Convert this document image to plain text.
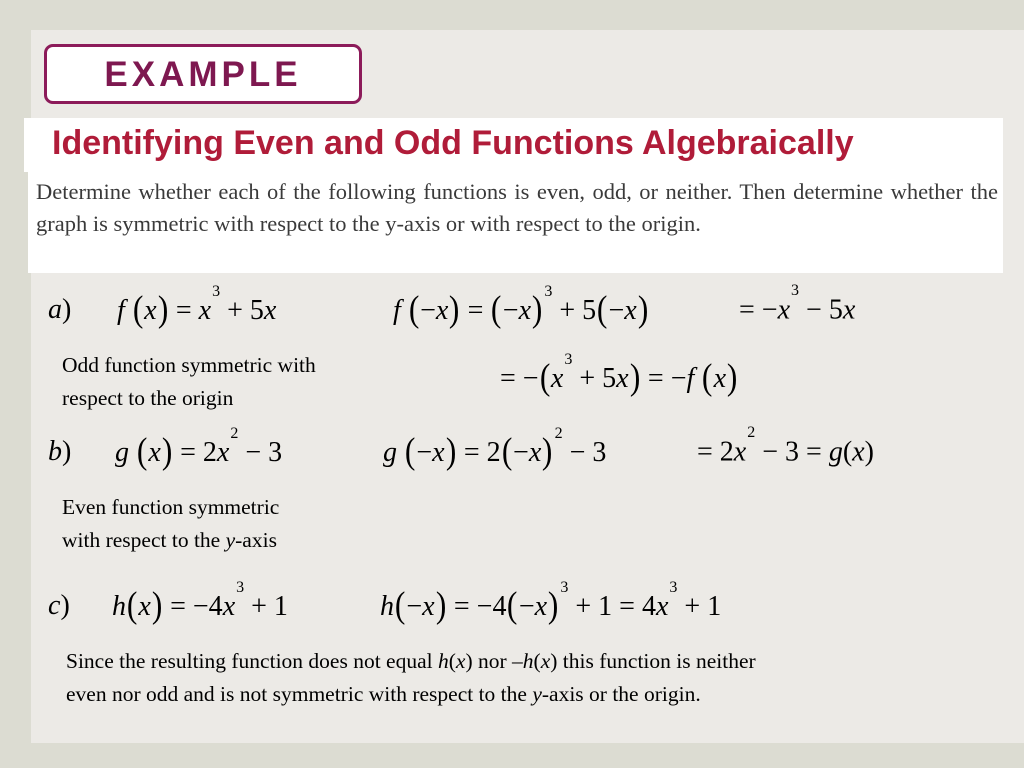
EXAMPLE
Identifying Even and Odd Functions Algebraically
Determine whether each of the following functions is even, odd, or neither. Then determine whether the graph is symmetric with respect to the y-axis or with respect to the origin.
a) f $(x) = x^3 + 5x$	f (−x) = (−x) $^3$ + 5(−x)	= $-x^3 - 5x$
= $-(x^3 + 5x) = -f$ (x)
Odd function symmetric with
respect to the origin
b) g $(x) = 2x^2 - 3$	g (−x) = 2(−x) $^2$ − 3	= $2x^2 - 3 = g(x)$
Even function symmetric
with respect to the y-axis
c) $h(x) = -4x^3 + 1$	h(−x) = −4(−x) $^3 + 1 = 4x^3 + 1$
Since the resulting function does not equal h(x) nor –h(x) this function is neither
even nor odd and is not symmetric with respect to the y-axis or the origin.
